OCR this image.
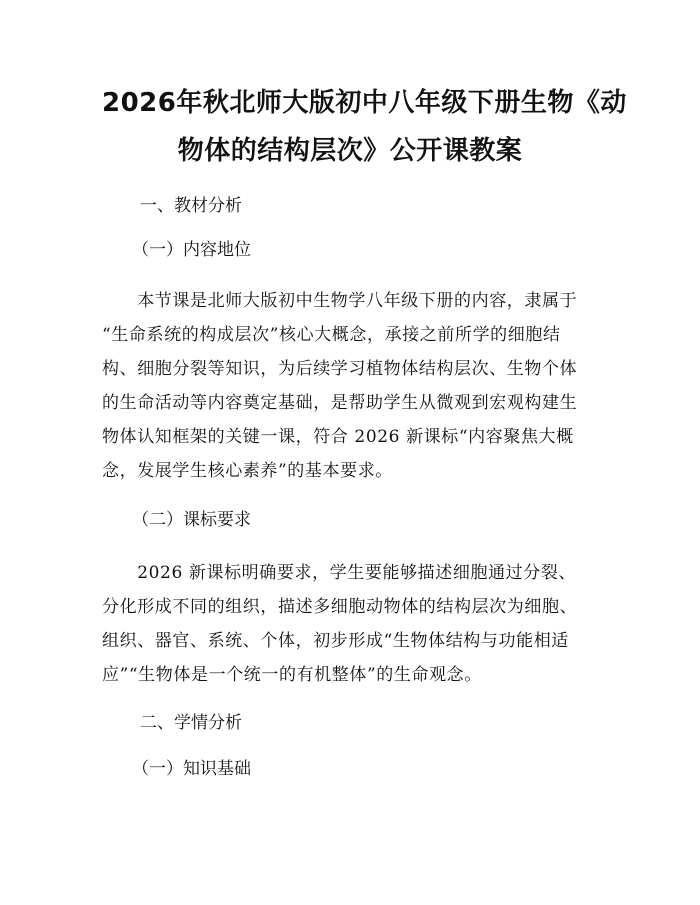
2026年秋北师大版初中八年级下册生物《动
物体的结构层次》公开课教案

一、教材分析

（一）内容地位

　　本节课是北师大版初中生物学八年级下册的内容，隶属于
“生命系统的构成层次”核心大概念，承接之前所学的细胞结
构、细胞分裂等知识，为后续学习植物体结构层次、生物个体
的生命活动等内容奠定基础，是帮助学生从微观到宏观构建生
物体认知框架的关键一课，符合 2026 新课标“内容聚焦大概
念，发展学生核心素养”的基本要求。

（二）课标要求

　　2026 新课标明确要求，学生要能够描述细胞通过分裂、
分化形成不同的组织，描述多细胞动物体的结构层次为细胞、
组织、器官、系统、个体，初步形成“生物体结构与功能相适
应”“生物体是一个统一的有机整体”的生命观念。

二、学情分析

（一）知识基础
